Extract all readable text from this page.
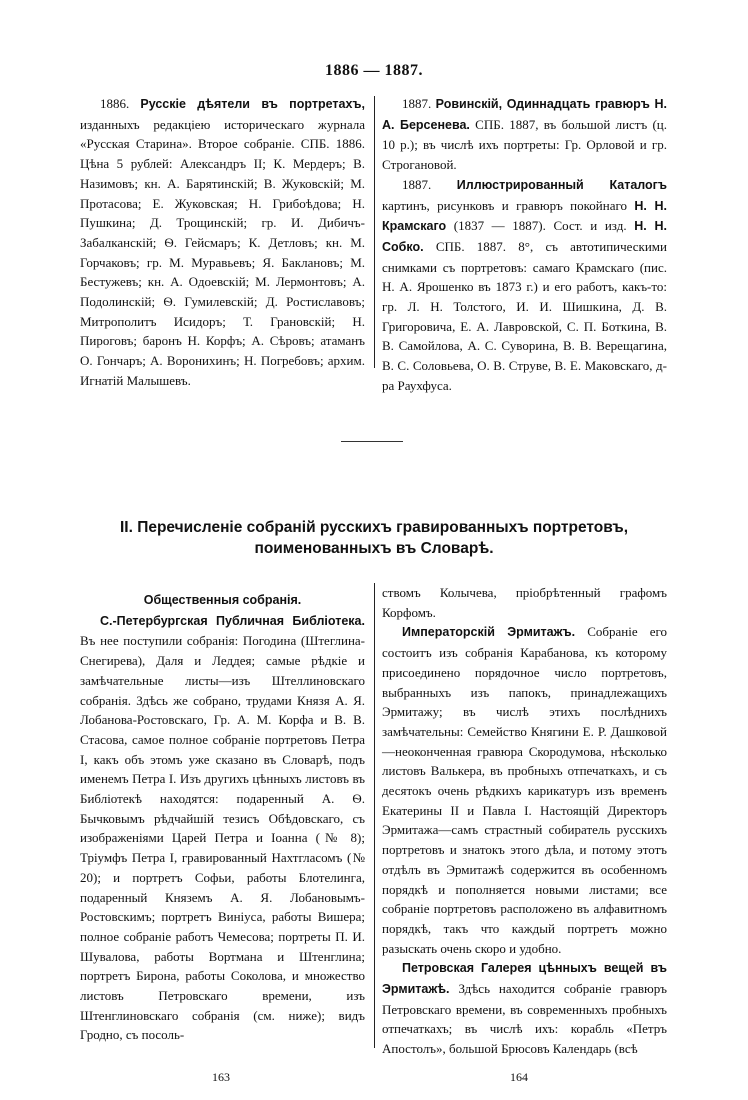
1886 — 1887.

1886. Русскіе дѣятели въ портретахъ, изданныхъ редакціею историческаго журнала «Русская Старина». Второе собраніе. СПБ. 1886. Цѣна 5 рублей: Александръ II; К. Мердеръ; В. Назимовъ; кн. А. Барятинскій; В. Жуковскій; М. Протасова; Е. Жуковская; Н. Грибоѣдова; Н. Пушкина; Д. Трощинскій; гр. И. Дибичъ-Забалканскій; Ѳ. Гейсмаръ; К. Детловъ; кн. М. Горчаковъ; гр. М. Муравьевъ; Я. Баклановъ; М. Бестужевъ; кн. А. Одоевскій; М. Лермонтовъ; А. Подолинскій; Ѳ. Гумилевскій; Д. Ростиславовъ; Митрополитъ Исидоръ; Т. Грановскій; Н. Пироговъ; баронъ Н. Корфъ; А. Сѣровъ; атаманъ О. Гончаръ; А. Воронихинъ; Н. Погребовъ; архим. Игнатій Малышевъ.

1887. Ровинскій, Одиннадцать гравюръ Н. А. Берсенева. СПБ. 1887, въ большой листъ (ц. 10 р.); въ числѣ ихъ портреты: Гр. Орловой и гр. Строгановой.

1887. Иллюстрированный Каталогъ картинъ, рисунковъ и гравюръ покойнаго Н. Н. Крамскаго (1837 — 1887). Сост. и изд. Н. Н. Собко. СПБ. 1887. 8°, съ автотипическими снимками съ портретовъ: самаго Крамскаго (пис. Н. А. Ярошенко въ 1873 г.) и его работъ, какъ-то: гр. Л. Н. Толстого, И. И. Шишкина, Д. В. Григоровича, Е. А. Лавровской, С. П. Боткина, В. В. Самойлова, А. С. Суворина, В. В. Верещагина, В. С. Соловьева, О. В. Струве, В. Е. Маковскаго, д-ра Раухфуса.

II. Перечисленіе собраній русскихъ гравированныхъ портретовъ, поименованныхъ въ Словарѣ.

Общественныя собранія.

С.-Петербургская Публичная Библіотека. Въ нее поступили собранія: Погодина (Штеглина-Снегирева), Даля и Леддея; самые рѣдкіе и замѣчательные листы—изъ Штеллиновскаго собранія. Здѣсь же собрано, трудами Князя А. Я. Лобанова-Ростовскаго, Гр. А. М. Корфа и В. В. Стасова, самое полное собраніе портретовъ Петра I, какъ объ этомъ уже сказано въ Словарѣ, подъ именемъ Петра I. Изъ другихъ цѣнныхъ листовъ въ Библіотекѣ находятся: подаренный А. Ѳ. Бычковымъ рѣдчайшій тезисъ Обѣдовскаго, съ изображеніями Царей Петра и Іоанна (№ 8); Тріумфъ Петра I, гравированный Нахтгласомъ (№ 20); и портретъ Софьи, работы Блотелинга, подаренный Княземъ А. Я. Лобановымъ-Ростовскимъ; портретъ Винiуса, работы Вишера; полное собраніе работъ Чемесова; портреты П. И. Шувалова, работы Вортмана и Штенглина; портретъ Бирона, работы Соколова, и множество листовъ Петровскаго времени, изъ Штенглиновскаго собранія (см. ниже); видъ Гродно, съ посоль-

ствомъ Колычева, пріобрѣтенный графомъ Корфомъ.

Императорскій Эрмитажъ. Собраніе его состоитъ изъ собранія Карабанова, къ которому присоединено порядочное число портретовъ, выбранныхъ изъ папокъ, принадлежащихъ Эрмитажу; въ числѣ этихъ послѣднихъ замѣчательны: Семейство Княгини Е. Р. Дашковой—неоконченная гравюра Скородумова, нѣсколько листовъ Валькера, въ пробныхъ отпечаткахъ, и съ десятокъ очень рѣдкихъ карикатуръ изъ временъ Екатерины II и Павла I. Настоящій Директоръ Эрмитажа—самъ страстный собиратель русскихъ портретовъ и знатокъ этого дѣла, и потому этотъ отдѣлъ въ Эрмитажѣ содержится въ особенномъ порядкѣ и пополняется новыми листами; все собраніе портретовъ расположено въ алфавитномъ порядкѣ, такъ что каждый портретъ можно разыскать очень скоро и удобно.

Петровская Галерея цѣнныхъ вещей въ Эрмитажѣ. Здѣсь находится собраніе гравюръ Петровскаго времени, въ современныхъ пробныхъ отпечаткахъ; въ числѣ ихъ: корабль «Петръ Апостолъ», большой Брюсовъ Календарь (всѣ

163	164
